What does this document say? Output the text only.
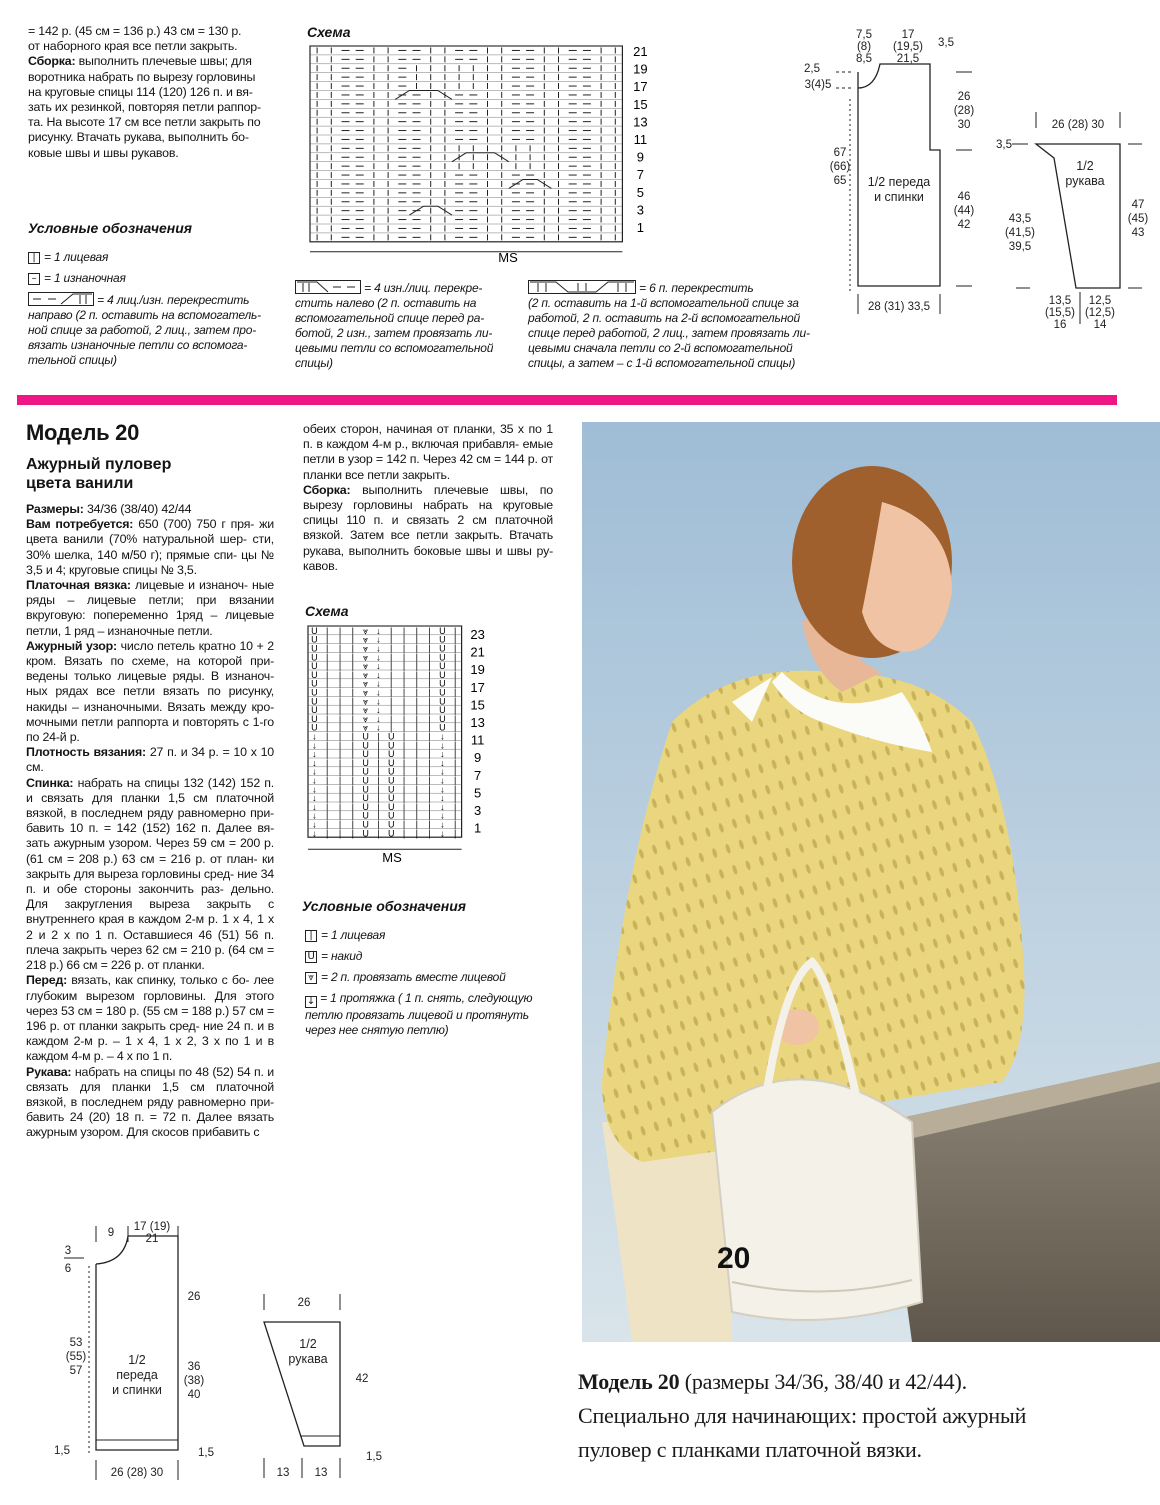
= 142 р. (45 см = 136 р.) 43 см = 130 р.

от наборного края все петли закрыть.

Сборка: выполнить плечевые швы; для

воротника набрать по вырезу горловины

на круговые спицы 114 (120) 126 п. и вя-

зать их резинкой, повторяя петли раппор-

та. На высоте 17 см все петли закрыть по

рисунку. Втачать рукава, выполнить бо-

ковые швы и швы рукавов.

Условные обозначения
| = 1 лицевая
– = 1 изнаночная
= 4 лиц./изн. перекрестить
направо (2 п. оставить на вспомогатель-
ной спице за работой, 2 лиц., затем про-
вязать изнаночные петли со вспомога-
тельной спицы)
= 4 изн./лиц. перекре-
стить налево (2 п. оставить на
вспомогательной спице перед ра-
ботой, 2 изн., затем провязать ли-
цевыми петли со вспомогательной
спицы)
= 6 п. перекрестить
(2 п. оставить на 1-й вспомогательной спице за
работой, 2 п. оставить на 2-й вспомогательной
спице перед работой, 2 лиц., затем провязать ли-
цевыми сначала петли со 2-й вспомогательной
спицы, а затем – с 1-й вспомогательной спицы)
Схема
21
19
17
15
13
11
9
7
5
3
1
MS
7,5
(8)
8,5
17
(19,5)
21,5
3,5
2,5
3(4)5
26
(28)
30
67
(66)
65
46
(44)
42
1/2 переда
и спинки
28 (31) 33,5
26 (28) 30
3,5
1/2
рукава
43,5
(41,5)
39,5
47
(45)
43
13,5
(15,5)
16
12,5
(12,5)
14
Модель 20
Ажурный пуловер
цвета ванили

Размеры: 34/36 (38/40) 42/44

Вам потребуется: 650 (700) 750 г пря- жи цвета ванили (70% натуральной шер- сти, 30% шелка, 140 м/50 г); прямые спи- цы № 3,5 и 4; круговые спицы № 3,5.

Платочная вязка: лицевые и изнаноч- ные ряды – лицевые петли; при вязании вкруговую: попеременно 1ряд – лицевые петли, 1 ряд – изнаночные петли.

Ажурный узор: число петель кратно 10 + 2 кром. Вязать по схеме, на которой при- ведены только лицевые ряды. В изнаноч- ных рядах все петли вязать по рисунку, накиды – изнаночными. Вязать между кро- мочными петли раппорта и повторять с 1-го по 24-й р.

Плотность вязания: 27 п. и 34 р. = 10 х 10 см.

Спинка: набрать на спицы 132 (142) 152 п. и связать для планки 1,5 см платочной вязкой, в последнем ряду равномерно при- бавить 10 п. = 142 (152) 162 п. Далее вя- зать ажурным узором. Через 59 см = 200 р. (61 см = 208 р.) 63 см = 216 р. от план- ки закрыть для выреза горловины сред- ние 34 п. и обе стороны закончить раз- дельно. Для закругления выреза закрыть с внутреннего края в каждом 2-м р. 1 х 4, 1 х 2 и 2 х по 1 п. Оставшиеся 46 (51) 56 п. плеча закрыть через 62 см = 210 р. (64 см = 218 р.) 66 см = 226 р. от планки.

Перед: вязать, как спинку, только с бо- лее глубоким вырезом горловины. Для этого через 53 см = 180 р. (55 см = 188 р.) 57 см = 196 р. от планки закрыть сред- ние 24 п. и в каждом 2-м р. – 1 х 4, 1 х 2, 3 х по 1 и в каждом 4-м р. – 4 х по 1 п.

Рукава: набрать на спицы по 48 (52) 54 п. и связать для планки 1,5 см платочной вязкой, в последнем ряду равномерно при- бавить 24 (20) 18 п. = 72 п. Далее вязать ажурным узором. Для скосов прибавить с

обеих сторон, начиная от планки, 35 х по 1 п. в каждом 4-м р., включая прибавля- емые петли в узор = 142 п. Через 42 см = 144 р. от планки все петли закрыть.

Сборка: выполнить плечевые швы, по вырезу горловины набрать на круговые спицы 110 п. и связать 2 см платочной вязкой. Затем все петли закрыть. Втачать рукава, выполнить боковые швы и швы ру- кавов.

Схема
U | | | ⩔ ↓ | | | | U |
U | | | ⩔ ↓ | | | | U |
U | | | ⩔ ↓ | | | | U |
U | | | ⩔ ↓ | | | | U |
U | | | ⩔ ↓ | | | | U |
U | | | ⩔ ↓ | | | | U |
U | | | ⩔ ↓ | | | | U |
U | | | ⩔ ↓ | | | | U |
U | | | ⩔ ↓ | | | | U |
U | | | ⩔ ↓ | | | | U |
U | | | ⩔ ↓ | | | | U |
U | | | ⩔ ↓ | | | | U |
↓ | | | U | U | | | ↓ |
↓ | | | U | U | | | ↓ |
↓ | | | U | U | | | ↓ |
↓ | | | U | U | | | ↓ |
↓ | | | U | U | | | ↓ |
↓ | | | U | U | | | ↓ |
↓ | | | U | U | | | ↓ |
↓ | | | U | U | | | ↓ |
↓ | | | U | U | | | ↓ |
↓ | | | U | U | | | ↓ |
↓ | | | U | U | | | ↓ |
↓ | | | U | U | | | ↓ |
23
21
19
17
15
13
11
9
7
5
3
1
MS
Условные обозначения
| = 1 лицевая
U = накид
⩔ = 2 п. провязать вместе лицевой
↓ = 1 протяжка ( 1 п. снять, следующую
петлю провязать лицевой и протянуть
через нее снятую петлю)
9 17 (19)
21
3
6
26
53
(55)
57	36
(38)
40
1/2
переда
и спинки
1,5	1,5
26 (28) 30
26
1/2
рукава
42
1,5
13 13
20
Модель 20 (размеры 34/36, 38/40 и 42/44).
Специально для начинающих: простой ажурный
пуловер с планками платочной вязки.
